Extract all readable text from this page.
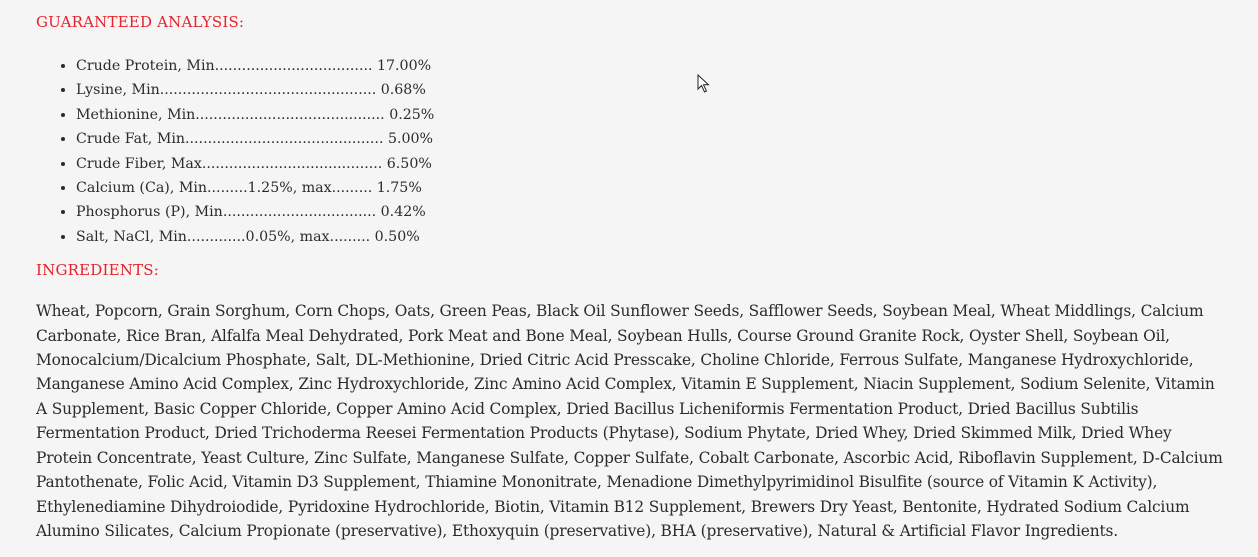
GUARANTEED ANALYSIS:
• Crude Protein, Min................................... 17.00%
• Lysine, Min................................................ 0.68%
• Methionine, Min.......................................... 0.25%
• Crude Fat, Min............................................ 5.00%
• Crude Fiber, Max........................................ 6.50%
• Calcium (Ca), Min.........1.25%, max......... 1.75%
• Phosphorus (P), Min.................................. 0.42%
• Salt, NaCl, Min.............0.05%, max......... 0.50%
INGREDIENTS:

Wheat, Popcorn, Grain Sorghum, Corn Chops, Oats, Green Peas, Black Oil Sunflower Seeds, Safflower Seeds, Soybean Meal, Wheat Middlings, Calcium Carbonate, Rice Bran, Alfalfa Meal Dehydrated, Pork Meat and Bone Meal, Soybean Hulls, Course Ground Granite Rock, Oyster Shell, Soybean Oil, Monocalcium/Dicalcium Phosphate, Salt, DL-Methionine, Dried Citric Acid Presscake, Choline Chloride, Ferrous Sulfate, Manganese Hydroxychloride, Manganese Amino Acid Complex, Zinc Hydroxychloride, Zinc Amino Acid Complex, Vitamin E Supplement, Niacin Supplement, Sodium Selenite, Vitamin A Supplement, Basic Copper Chloride, Copper Amino Acid Complex, Dried Bacillus Licheniformis Fermentation Product, Dried Bacillus Subtilis Fermentation Product, Dried Trichoderma Reesei Fermentation Products (Phytase), Sodium Phytate, Dried Whey, Dried Skimmed Milk, Dried Whey Protein Concentrate, Yeast Culture, Zinc Sulfate, Manganese Sulfate, Copper Sulfate, Cobalt Carbonate, Ascorbic Acid, Riboflavin Supplement, D-Calcium Pantothenate, Folic Acid, Vitamin D3 Supplement, Thiamine Mononitrate, Menadione Dimethylpyrimidinol Bisulfite (source of Vitamin K Activity), Ethylenediamine Dihydroiodide, Pyridoxine Hydrochloride, Biotin, Vitamin B12 Supplement, Brewers Dry Yeast, Bentonite, Hydrated Sodium Calcium Alumino Silicates, Calcium Propionate (preservative), Ethoxyquin (preservative), BHA (preservative), Natural & Artificial Flavor Ingredients.
